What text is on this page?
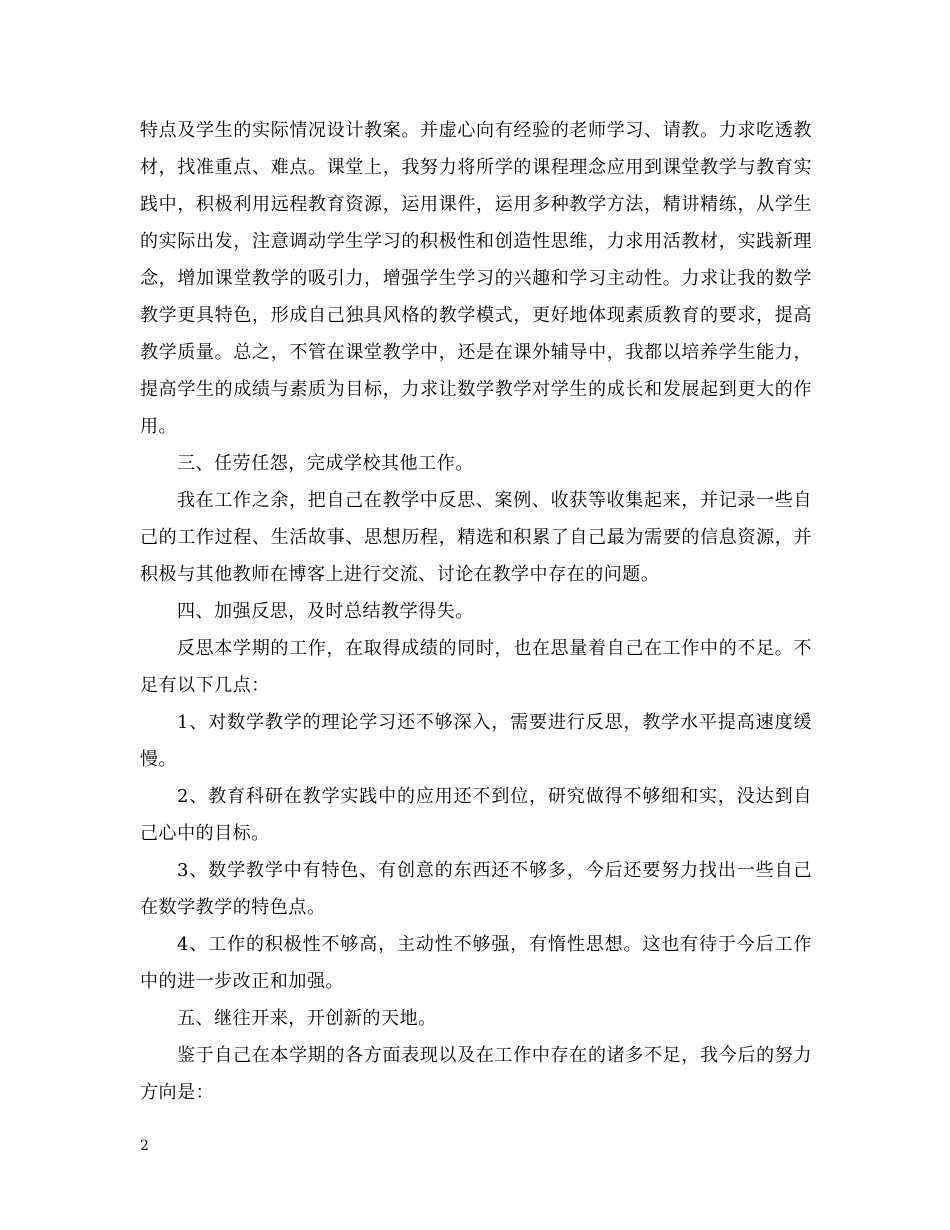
特点及学生的实际情况设计教案。并虚心向有经验的老师学习、请教。力求吃透教材，找准重点、难点。课堂上，我努力将所学的课程理念应用到课堂教学与教育实践中，积极利用远程教育资源，运用课件，运用多种教学方法，精讲精练，从学生的实际出发，注意调动学生学习的积极性和创造性思维，力求用活教材，实践新理念，增加课堂教学的吸引力，增强学生学习的兴趣和学习主动性。力求让我的数学教学更具特色，形成自己独具风格的教学模式，更好地体现素质教育的要求，提高教学质量。总之，不管在课堂教学中，还是在课外辅导中，我都以培养学生能力，提高学生的成绩与素质为目标，力求让数学教学对学生的成长和发展起到更大的作用。

三、任劳任怨，完成学校其他工作。

我在工作之余，把自己在教学中反思、案例、收获等收集起来，并记录一些自己的工作过程、生活故事、思想历程，精选和积累了自己最为需要的信息资源，并积极与其他教师在博客上进行交流、讨论在教学中存在的问题。

四、加强反思，及时总结教学得失。

反思本学期的工作，在取得成绩的同时，也在思量着自己在工作中的不足。不足有以下几点：

1、对数学教学的理论学习还不够深入，需要进行反思，教学水平提高速度缓慢。

2、教育科研在教学实践中的应用还不到位，研究做得不够细和实，没达到自己心中的目标。

3、数学教学中有特色、有创意的东西还不够多，今后还要努力找出一些自己在数学教学的特色点。

4、工作的积极性不够高，主动性不够强，有惰性思想。这也有待于今后工作中的进一步改正和加强。

五、继往开来，开创新的天地。

鉴于自己在本学期的各方面表现以及在工作中存在的诸多不足，我今后的努力方向是：

2
